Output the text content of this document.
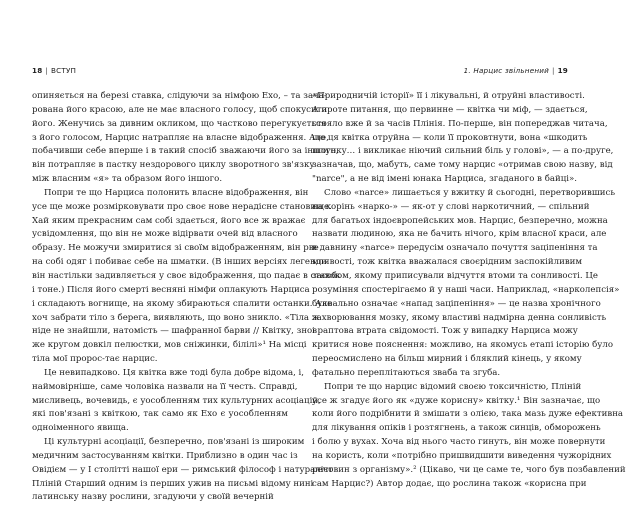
18 | ВСТУП
опиняється на березі ставка, слідуючи за німфою Ехо, – та зача-
рована його красою, але не має власного голосу, щоб спокусити
його. Женучись за дивним окликом, що частково перегукується
з його голосом, Нарцис натрапляє на власне відображення. Але,
побачивши себе вперше і в такий спосіб зважаючи його за іншого,
він потрапляє в пастку нездорового циклу зворотного зв'язку
між власним «я» та образом його іншого.
Попри те що Нарциса полонить власне відображення, він
усе ще може розмірковувати про своє нове нерадісне становище.
Хай яким прекрасним сам собі здається, його все ж вражає
усвідомлення, що він не може відірвати очей від власного
образу. Не можучи змиритися зі своїм відображенням, він рве
на собі одяг і побиває себе на шматки. (В інших версіях легенди
він настільки задивляється у своє відображення, що падає в ставок
і тоне.) Після його смерті весняні німфи оплакують Нарциса
і складають вогнище, на якому збираються спалити останки. Але
хоч забрати тіло з берега, виявляють, що воно зникло. «Тіла ж
ніде не знайшли, натомість — шафранної барви // Квітку, знов
же кругом довкіл пелюстки, мов сніжинки, білілі»¹ На місці
тіла мої пророс-тає нарцис.
Це невипадково. Ця квітка вже тоді була добре відома, і,
наймовірніше, саме чоловіка назвали на її честь. Справді,
мисливець, вочевидь, є уособленням тих культурних асоціацій,
які пов'язані з квіткою, так само як Ехо є уособленням
одноіменного явища.
Ці культурні асоціації, безперечно, пов'язані із широким
медичним застосуванням квітки. Приблизно в один час із
Овідієм — у І столітті нашої ери — римський філософ і натураліст
Пліній Старший одним із перших ужив на письмі відому нині
латинську назву рослини, згадуючи у своїй вечерній
1. Нарцис звільнений | 19
«Природничій історії» її і лікувальні, й отруйні властивості.
А проте питання, що первинне — квітка чи міф, — здається,
стояло вже й за часів Плінія. По-перше, він попереджав читача,
що ця квітка отруйна — коли її проковтнути, вона «шкодить
шлунку… і викликає ніючий сильний біль у голові», — а по-друге,
зазначав, що, мабуть, саме тому нарцис «отримав свою назву, від
"narce", а не від імені юнака Нарциса, згаданого в байці».
Слово «narce» лишається у вжитку й сьогодні, перетворившись
на корінь «нарко-» — як-от у слові наркотичний, — спільний
для багатьох індоєвропейських мов. Нарцис, безперечно, можна
назвати людиною, яка не бачить нічого, крім власної краси, але
в давнину «narce» передусім означало почуття заціпеніння та
млявості, тож квітка вважалася своєрідним заспокійливим
засобом, якому приписували відчуття втоми та сонливості. Це
розуміння спостерігаємо й у наші часи. Наприклад, «нарколепсія»
буквально означає «напад заціпеніння» — це назва хронічного
захворювання мозку, якому властиві надмірна денна сонливість
і раптова втрата свідомості. Тож у випадку Нарциса можу
критися нове пояснення: можливо, на якомусь етапі історію було
переосмислено на більш мирний і бляклий кінець, у якому
фатально переплітаються зваба та згуба.
Попри те що нарцис відомий своєю токсичністю, Пліній
усе ж згадує його як «дуже корисну» квітку.¹ Він зазначає, що
коли його подрібнити й змішати з олією, така мазь дуже ефективна
для лікування опіків і розтягнень, а також синців, обморожень
і болю у вухах. Хоча від нього часто гинуть, він може повернути
на користь, коли «потрібно пришвидшити виведення чужорідних
речовин з організму».² (Цікаво, чи це саме те, чого був позбавлений
сам Нарцис?) Автор додає, що рослина також «корисна при
